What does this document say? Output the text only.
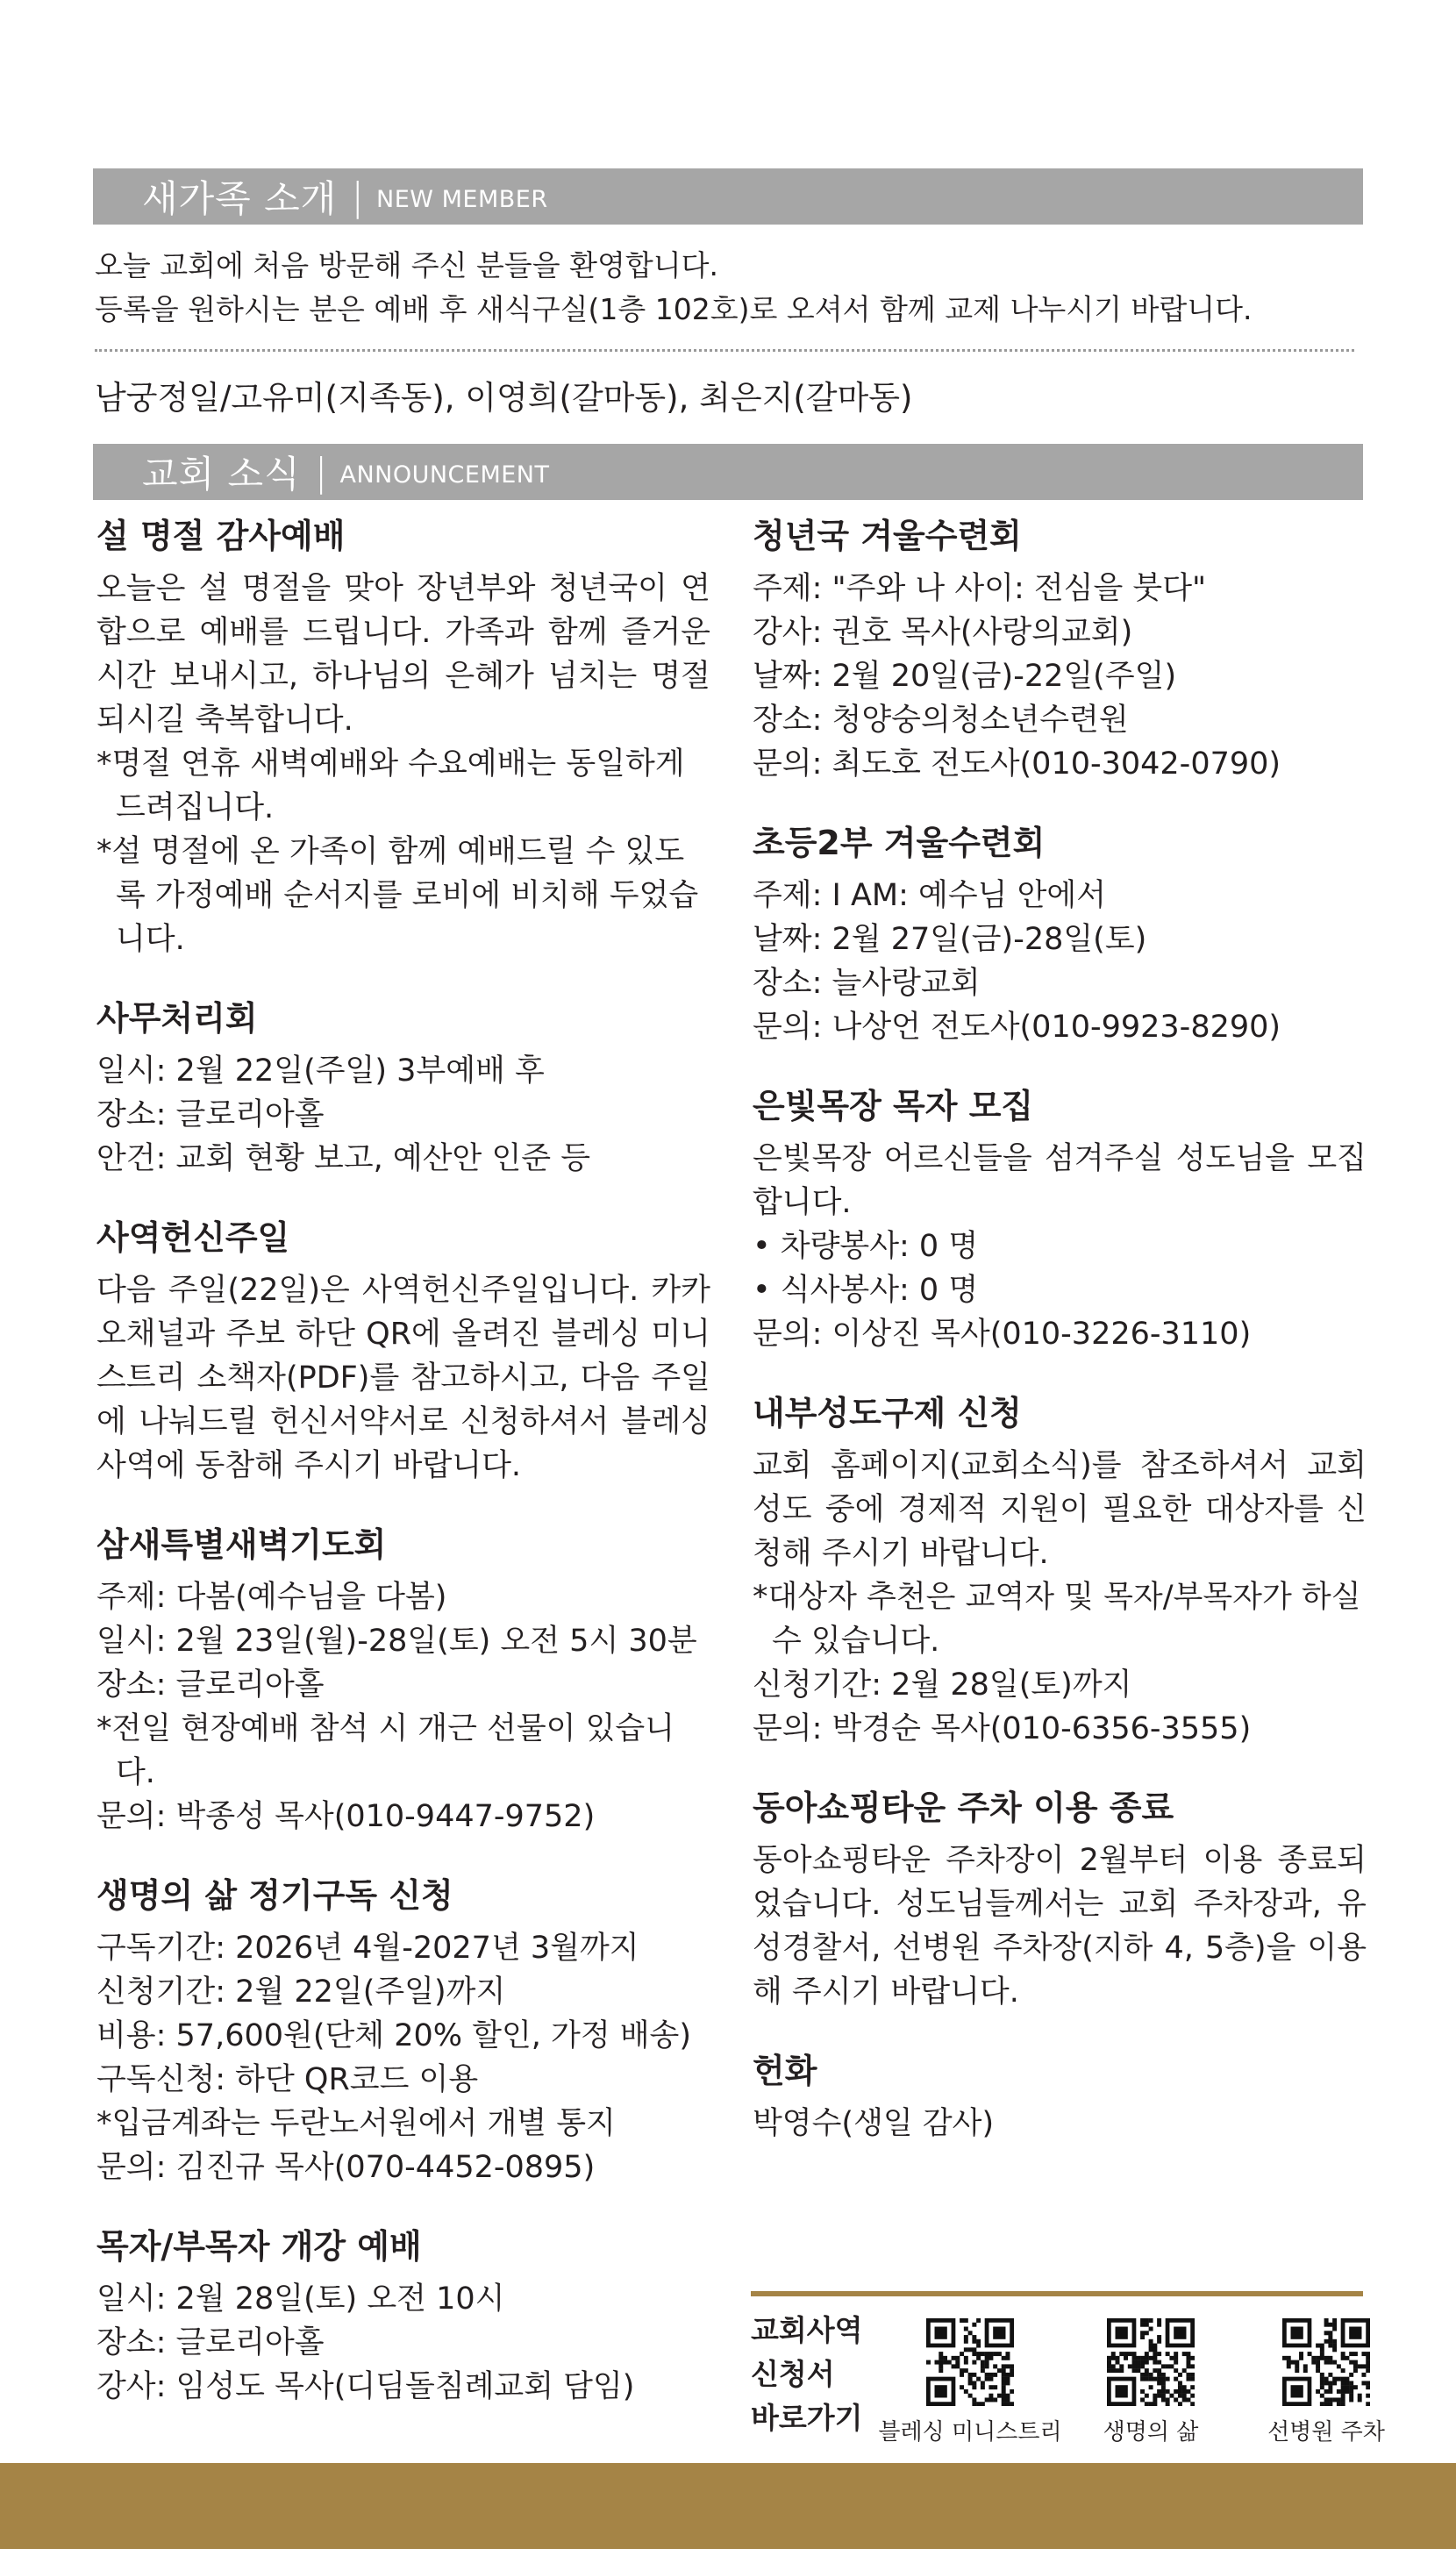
새가족 소개 | NEW MEMBER
오늘 교회에 처음 방문해 주신 분들을 환영합니다.
등록을 원하시는 분은 예배 후 새식구실(1층 102호)로 오셔서 함께 교제 나누시기 바랍니다.
남궁정일/고유미(지족동), 이영희(갈마동), 최은지(갈마동)
교회 소식 | ANNOUNCEMENT
설 명절 감사예배
오늘은 설 명절을 맞아 장년부와 청년국이 연합으로 예배를 드립니다. 가족과 함께 즐거운 시간 보내시고, 하나님의 은혜가 넘치는 명절 되시길 축복합니다.
*명절 연휴 새벽예배와 수요예배는 동일하게 드려집니다.
*설 명절에 온 가족이 함께 예배드릴 수 있도록 가정예배 순서지를 로비에 비치해 두었습니다.
사무처리회
일시: 2월 22일(주일) 3부예배 후
장소: 글로리아홀
안건: 교회 현황 보고, 예산안 인준 등
사역헌신주일
다음 주일(22일)은 사역헌신주일입니다. 카카오채널과 주보 하단 QR에 올려진 블레싱 미니스트리 소책자(PDF)를 참고하시고, 다음 주일에 나눠드릴 헌신서약서로 신청하셔서 블레싱 사역에 동참해 주시기 바랍니다.
삼새특별새벽기도회
주제: 다봄(예수님을 다봄)
일시: 2월 23일(월)-28일(토) 오전 5시 30분
장소: 글로리아홀
*전일 현장예배 참석 시 개근 선물이 있습니다.
문의: 박종성 목사(010-9447-9752)
생명의 삶 정기구독 신청
구독기간: 2026년 4월-2027년 3월까지
신청기간: 2월 22일(주일)까지
비용: 57,600원(단체 20% 할인, 가정 배송)
구독신청: 하단 QR코드 이용
*입금계좌는 두란노서원에서 개별 통지
문의: 김진규 목사(070-4452-0895)
목자/부목자 개강 예배
일시: 2월 28일(토) 오전 10시
장소: 글로리아홀
강사: 임성도 목사(디딤돌침례교회 담임)
청년국 겨울수련회
주제: "주와 나 사이: 전심을 붓다"
강사: 권호 목사(사랑의교회)
날짜: 2월 20일(금)-22일(주일)
장소: 청양숭의청소년수련원
문의: 최도호 전도사(010-3042-0790)
초등2부 겨울수련회
주제: I AM: 예수님 안에서
날짜: 2월 27일(금)-28일(토)
장소: 늘사랑교회
문의: 나상언 전도사(010-9923-8290)
은빛목장 목자 모집
은빛목장 어르신들을 섬겨주실 성도님을 모집합니다.
• 차량봉사: 0 명
• 식사봉사: 0 명
문의: 이상진 목사(010-3226-3110)
내부성도구제 신청
교회 홈페이지(교회소식)를 참조하셔서 교회 성도 중에 경제적 지원이 필요한 대상자를 신청해 주시기 바랍니다.
*대상자 추천은 교역자 및 목자/부목자가 하실 수 있습니다.
신청기간: 2월 28일(토)까지
문의: 박경순 목사(010-6356-3555)
동아쇼핑타운 주차 이용 종료
동아쇼핑타운 주차장이 2월부터 이용 종료되었습니다. 성도님들께서는 교회 주차장과, 유성경찰서, 선병원 주차장(지하 4, 5층)을 이용해 주시기 바랍니다.
헌화
박영수(생일 감사)
교회사역
신청서
바로가기 블레싱 미니스트리	생명의 삶	선병원 주차
